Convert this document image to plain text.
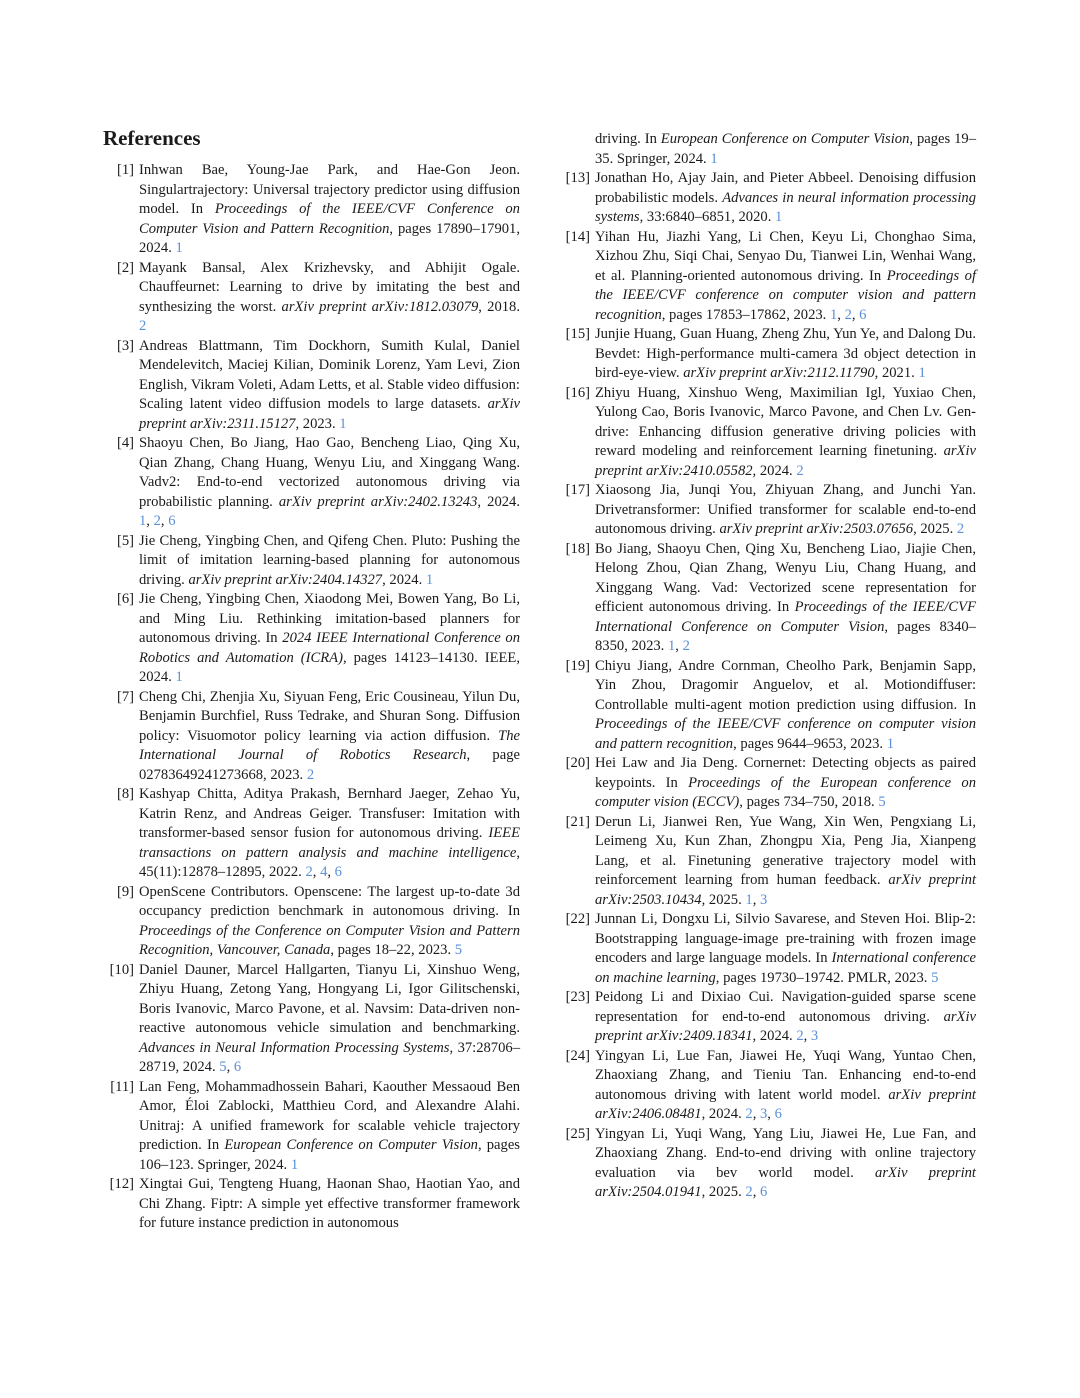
References	driving. In European Conference on Computer Vision, pages 19–35. Springer, 2024. 1
[13] Jonathan Ho, Ajay Jain, and Pieter Abbeel. Denoising diffusion probabilistic models. Advances in neural information processing systems, 33:6840–6851, 2020. 1
[14] Yihan Hu, Jiazhi Yang, Li Chen, Keyu Li, Chonghao Sima, Xizhou Zhu, Siqi Chai, Senyao Du, Tianwei Lin, Wenhai Wang, et al. Planning-oriented autonomous driving. In Proceedings of the IEEE/CVF conference on computer vision and pattern recognition, pages 17853–17862, 2023. 1, 2, 6
[15] Junjie Huang, Guan Huang, Zheng Zhu, Yun Ye, and Dalong Du. Bevdet: High-performance multi-camera 3d object detection in bird-eye-view. arXiv preprint arXiv:2112.11790, 2021. 1
[16] Zhiyu Huang, Xinshuo Weng, Maximilian Igl, Yuxiao Chen, Yulong Cao, Boris Ivanovic, Marco Pavone, and Chen Lv. Gen-drive: Enhancing diffusion generative driving policies with reward modeling and reinforcement learning finetuning. arXiv preprint arXiv:2410.05582, 2024. 2
[17] Xiaosong Jia, Junqi You, Zhiyuan Zhang, and Junchi Yan. Drivetransformer: Unified transformer for scalable end-to-end autonomous driving. arXiv preprint arXiv:2503.07656, 2025. 2
[18] Bo Jiang, Shaoyu Chen, Qing Xu, Bencheng Liao, Jiajie Chen, Helong Zhou, Qian Zhang, Wenyu Liu, Chang Huang, and Xinggang Wang. Vad: Vectorized scene representation for efficient autonomous driving. In Proceedings of the IEEE/CVF International Conference on Computer Vision, pages 8340–8350, 2023. 1, 2
[19] Chiyu Jiang, Andre Cornman, Cheolho Park, Benjamin Sapp, Yin Zhou, Dragomir Anguelov, et al. Motiondiffuser: Controllable multi-agent motion prediction using diffusion. In Proceedings of the IEEE/CVF conference on computer vision and pattern recognition, pages 9644–9653, 2023. 1
[20] Hei Law and Jia Deng. Cornernet: Detecting objects as paired keypoints. In Proceedings of the European conference on computer vision (ECCV), pages 734–750, 2018. 5
[21] Derun Li, Jianwei Ren, Yue Wang, Xin Wen, Pengxiang Li, Leimeng Xu, Kun Zhan, Zhongpu Xia, Peng Jia, Xianpeng Lang, et al. Finetuning generative trajectory model with reinforcement learning from human feedback. arXiv preprint arXiv:2503.10434, 2025. 1, 3
[22] Junnan Li, Dongxu Li, Silvio Savarese, and Steven Hoi. Blip-2: Bootstrapping language-image pre-training with frozen image encoders and large language models. In International conference on machine learning, pages 19730–19742. PMLR, 2023. 5
[23] Peidong Li and Dixiao Cui. Navigation-guided sparse scene representation for end-to-end autonomous driving. arXiv preprint arXiv:2409.18341, 2024. 2, 3
[24] Yingyan Li, Lue Fan, Jiawei He, Yuqi Wang, Yuntao Chen, Zhaoxiang Zhang, and Tieniu Tan. Enhancing end-to-end autonomous driving with latent world model. arXiv preprint arXiv:2406.08481, 2024. 2, 3, 6
[25] Yingyan Li, Yuqi Wang, Yang Liu, Jiawei He, Lue Fan, and Zhaoxiang Zhang. End-to-end driving with online trajectory evaluation via bev world model. arXiv preprint arXiv:2504.01941, 2025. 2, 6
[1] Inhwan Bae, Young-Jae Park, and Hae-Gon Jeon. Singulartrajectory: Universal trajectory predictor using diffusion model. In Proceedings of the IEEE/CVF Conference on Computer Vision and Pattern Recognition, pages 17890–17901, 2024. 1
[2] Mayank Bansal, Alex Krizhevsky, and Abhijit Ogale. Chauffeurnet: Learning to drive by imitating the best and synthesizing the worst. arXiv preprint arXiv:1812.03079, 2018. 2
[3] Andreas Blattmann, Tim Dockhorn, Sumith Kulal, Daniel Mendelevitch, Maciej Kilian, Dominik Lorenz, Yam Levi, Zion English, Vikram Voleti, Adam Letts, et al. Stable video diffusion: Scaling latent video diffusion models to large datasets. arXiv preprint arXiv:2311.15127, 2023. 1
[4] Shaoyu Chen, Bo Jiang, Hao Gao, Bencheng Liao, Qing Xu, Qian Zhang, Chang Huang, Wenyu Liu, and Xinggang Wang. Vadv2: End-to-end vectorized autonomous driving via probabilistic planning. arXiv preprint arXiv:2402.13243, 2024. 1, 2, 6
[5] Jie Cheng, Yingbing Chen, and Qifeng Chen. Pluto: Pushing the limit of imitation learning-based planning for autonomous driving. arXiv preprint arXiv:2404.14327, 2024. 1
[6] Jie Cheng, Yingbing Chen, Xiaodong Mei, Bowen Yang, Bo Li, and Ming Liu. Rethinking imitation-based planners for autonomous driving. In 2024 IEEE International Conference on Robotics and Automation (ICRA), pages 14123–14130. IEEE, 2024. 1
[7] Cheng Chi, Zhenjia Xu, Siyuan Feng, Eric Cousineau, Yilun Du, Benjamin Burchfiel, Russ Tedrake, and Shuran Song. Diffusion policy: Visuomotor policy learning via action diffusion. The International Journal of Robotics Research, page 02783649241273668, 2023. 2
[8] Kashyap Chitta, Aditya Prakash, Bernhard Jaeger, Zehao Yu, Katrin Renz, and Andreas Geiger. Transfuser: Imitation with transformer-based sensor fusion for autonomous driving. IEEE transactions on pattern analysis and machine intelligence, 45(11):12878–12895, 2022. 2, 4, 6
[9] OpenScene Contributors. Openscene: The largest up-to-date 3d occupancy prediction benchmark in autonomous driving. In Proceedings of the Conference on Computer Vision and Pattern Recognition, Vancouver, Canada, pages 18–22, 2023. 5
[10] Daniel Dauner, Marcel Hallgarten, Tianyu Li, Xinshuo Weng, Zhiyu Huang, Zetong Yang, Hongyang Li, Igor Gilitschenski, Boris Ivanovic, Marco Pavone, et al. Navsim: Data-driven non-reactive autonomous vehicle simulation and benchmarking. Advances in Neural Information Processing Systems, 37:28706–28719, 2024. 5, 6
[11] Lan Feng, Mohammadhossein Bahari, Kaouther Messaoud Ben Amor, Éloi Zablocki, Matthieu Cord, and Alexandre Alahi. Unitraj: A unified framework for scalable vehicle trajectory prediction. In European Conference on Computer Vision, pages 106–123. Springer, 2024. 1
[12] Xingtai Gui, Tengteng Huang, Haonan Shao, Haotian Yao, and Chi Zhang. Fiptr: A simple yet effective transformer framework for future instance prediction in autonomous
